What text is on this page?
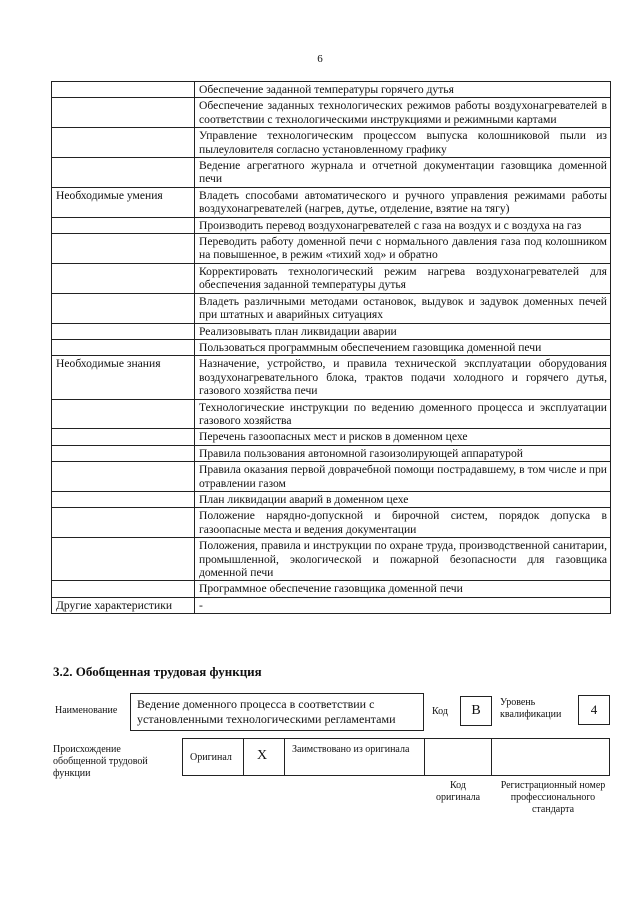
6
	Обеспечение заданной температуры горячего дутья
	Обеспечение заданных технологических режимов работы воздухонагревателей в соответствии с технологическими инструкциями и режимными картами
	Управление технологическим процессом выпуска колошниковой пыли из пылеуловителя согласно установленному графику
	Ведение агрегатного журнала и отчетной документации газовщика доменной печи
Необходимые умения	Владеть способами автоматического и ручного управления режимами работы воздухонагревателей (нагрев, дутье, отделение, взятие на тягу)
	Производить перевод воздухонагревателей с газа на воздух и с воздуха на газ
	Переводить работу доменной печи с нормального давления газа под колошником на повышенное, в режим «тихий ход» и обратно
	Корректировать технологический режим нагрева воздухонагревателей для обеспечения заданной температуры дутья
	Владеть различными методами остановок, выдувок и задувок доменных печей при штатных и аварийных ситуациях
	Реализовывать план ликвидации аварии
	Пользоваться программным обеспечением газовщика доменной печи
Необходимые знания	Назначение, устройство, и правила технической эксплуатации оборудования воздухонагревательного блока, трактов подачи холодного и горячего дутья, газового хозяйства печи
	Технологические инструкции по ведению доменного процесса и эксплуатации газового хозяйства
	Перечень газоопасных мест и рисков в доменном цехе
	Правила пользования автономной газоизолирующей аппаратурой
	Правила оказания первой доврачебной помощи пострадавшему, в том числе и при отравлении газом
	План ликвидации аварий в доменном цехе
	Положение нарядно-допускной и бирочной систем, порядок допуска в газоопасные места и ведения документации
	Положения, правила и инструкции по охране труда, производственной санитарии, промышленной, экологической и пожарной безопасности для газовщика доменной печи
	Программное обеспечение газовщика доменной печи
Другие характеристики	-
3.2. Обобщенная трудовая функция
Наименование	Ведение доменного процесса в соответствии с установленными технологическими регламентами
Код	В
Уровень квалификации	4
Происхождение обобщенной трудовой функции
Оригинал X Заимствовано из оригинала
Код оригинала
Регистрационный номер профессионального стандарта
